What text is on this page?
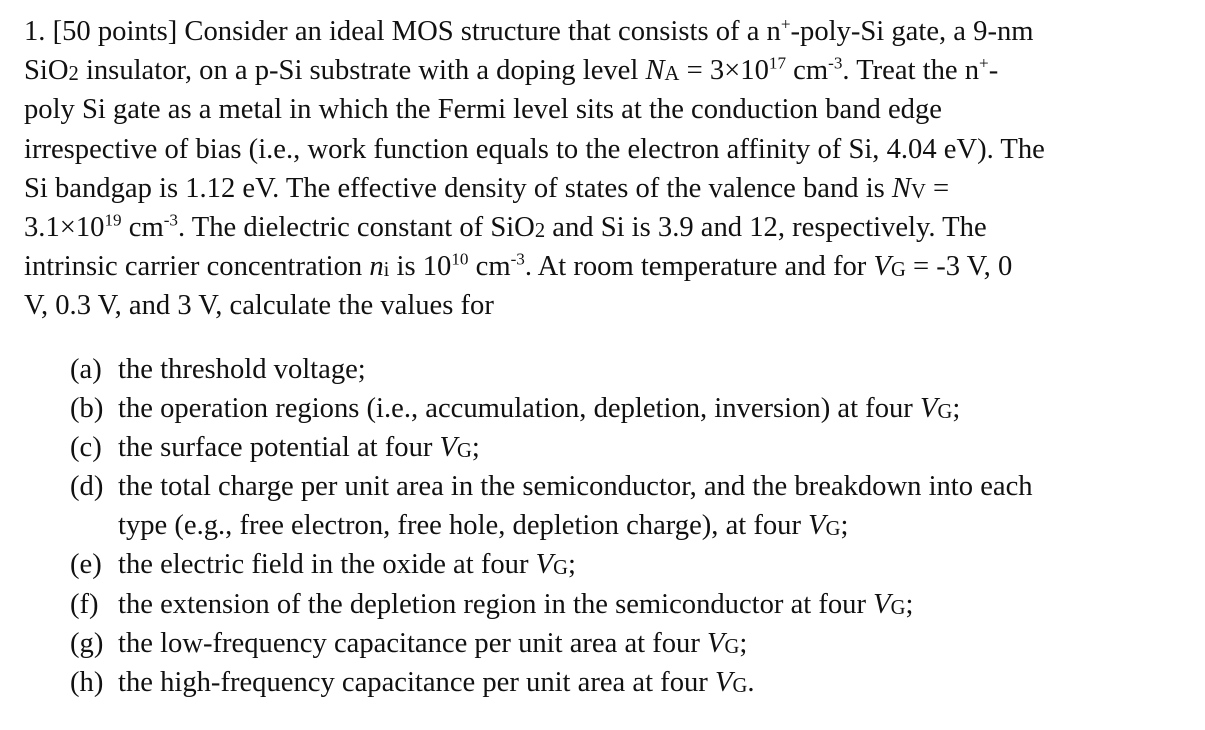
1. [50 points] Consider an ideal MOS structure that consists of a n+-poly-Si gate, a 9-nm
SiO2 insulator, on a p-Si substrate with a doping level NA = $3\times 10^{17}$ $cm^{-3}$. Treat the n+-
poly Si gate as a metal in which the Fermi level sits at the conduction band edge
irrespective of bias (i.e., work function equals to the electron affinity of Si, 4.04 eV). The
Si bandgap is 1.12 eV. The effective density of states of the valence band is NV =
$3.1\times 10^{19}$ $cm^{-3}$. The dielectric constant of SiO2 and Si is 3.9 and 12, respectively. The
intrinsic carrier concentration ni is $10^{10}$ $cm^{-3}$. At room temperature and for VG = -3 V, 0
V, 0.3 V, and 3 V, calculate the values for
(a) the threshold voltage;
(b) the operation regions (i.e., accumulation, depletion, inversion) at four VG;
(c) the surface potential at four VG;
(d) the total charge per unit area in the semiconductor, and the breakdown into each
type (e.g., free electron, free hole, depletion charge), at four VG;
(e) the electric field in the oxide at four VG;
(f) the extension of the depletion region in the semiconductor at four VG;
(g) the low-frequency capacitance per unit area at four VG;
(h) the high-frequency capacitance per unit area at four VG.
